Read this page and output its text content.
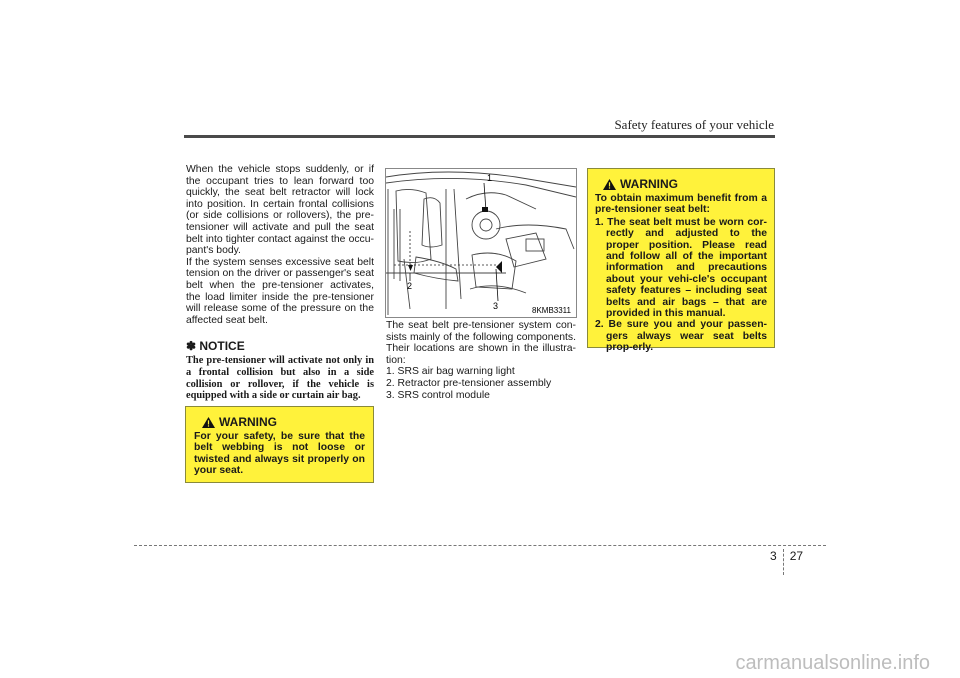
Safety features of your vehicle

When the vehicle stops suddenly, or if the occupant tries to lean forward too quickly, the seat belt retractor will lock into position. In certain frontal collisions (or side collisions or rollovers), the pre-tensioner will activate and pull the seat belt into tighter contact against the occu-pant's body.

If the system senses excessive seat belt tension on the driver or passenger's seat belt when the pre-tensioner activates, the load limiter inside the pre-tensioner will release some of the pressure on the affected seat belt.

✽ NOTICE
The pre-tensioner will activate not only in a frontal collision but also in a side collision or rollover, if the vehicle is equipped with a side or curtain air bag.
WARNING
For your safety, be sure that the belt webbing is not loose or twisted and always sit properly on your seat.
1
2
3	8KMB3311

The seat belt pre-tensioner system con-sists mainly of the following components. Their locations are shown in the illustra-tion:

1. SRS air bag warning light

2. Retractor pre-tensioner assembly

3. SRS control module

WARNING
To obtain maximum benefit from a pre-tensioner seat belt:
1. The seat belt must be worn cor-rectly and adjusted to the proper position. Please read and follow all of the important information and precautions about your vehi-cle's occupant safety features – including seat belts and air bags – that are provided in this manual.
2. Be sure you and your passen-gers always wear seat belts prop-erly.
3 27
carmanualsonline.info
